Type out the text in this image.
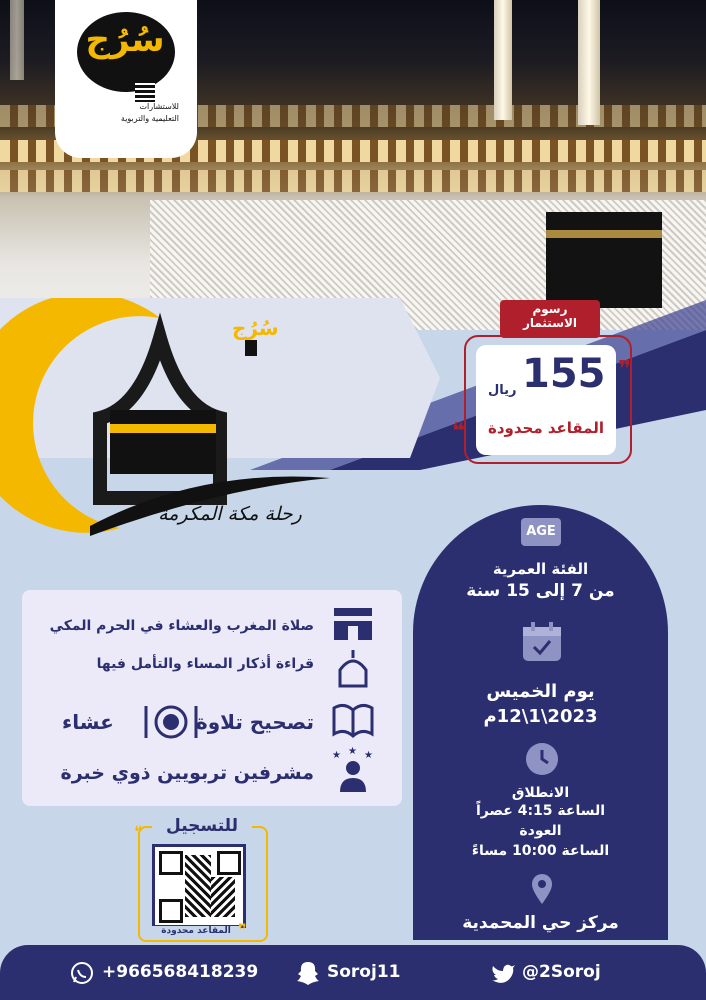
سُرُج
رحلة مكة المكرمة
سُرُج
للاستشارات
التعليمية والتربوية
رسوم
الاستثمار
155
ريال
المقاعد محدودة
❝
❞
AGE
الفئة العمرية
من 7 إلى 15 سنة
يوم الخميس
2023\1\12م
الانطلاق
الساعة 4:15 عصراً
العودة
الساعة 10:00 مساءً
مركز حي المحمدية
صلاة المغرب والعشاء في الحرم المكي
قراءة أذكار المساء والتأمل فيها
تصحيح تلاوة
عشاء
★ ★ ★
مشرفين تربويين ذوي خبرة
للتسجيل
❝
المقاعد محدودة ❞
+966568418239	Soroj11	@2Soroj
